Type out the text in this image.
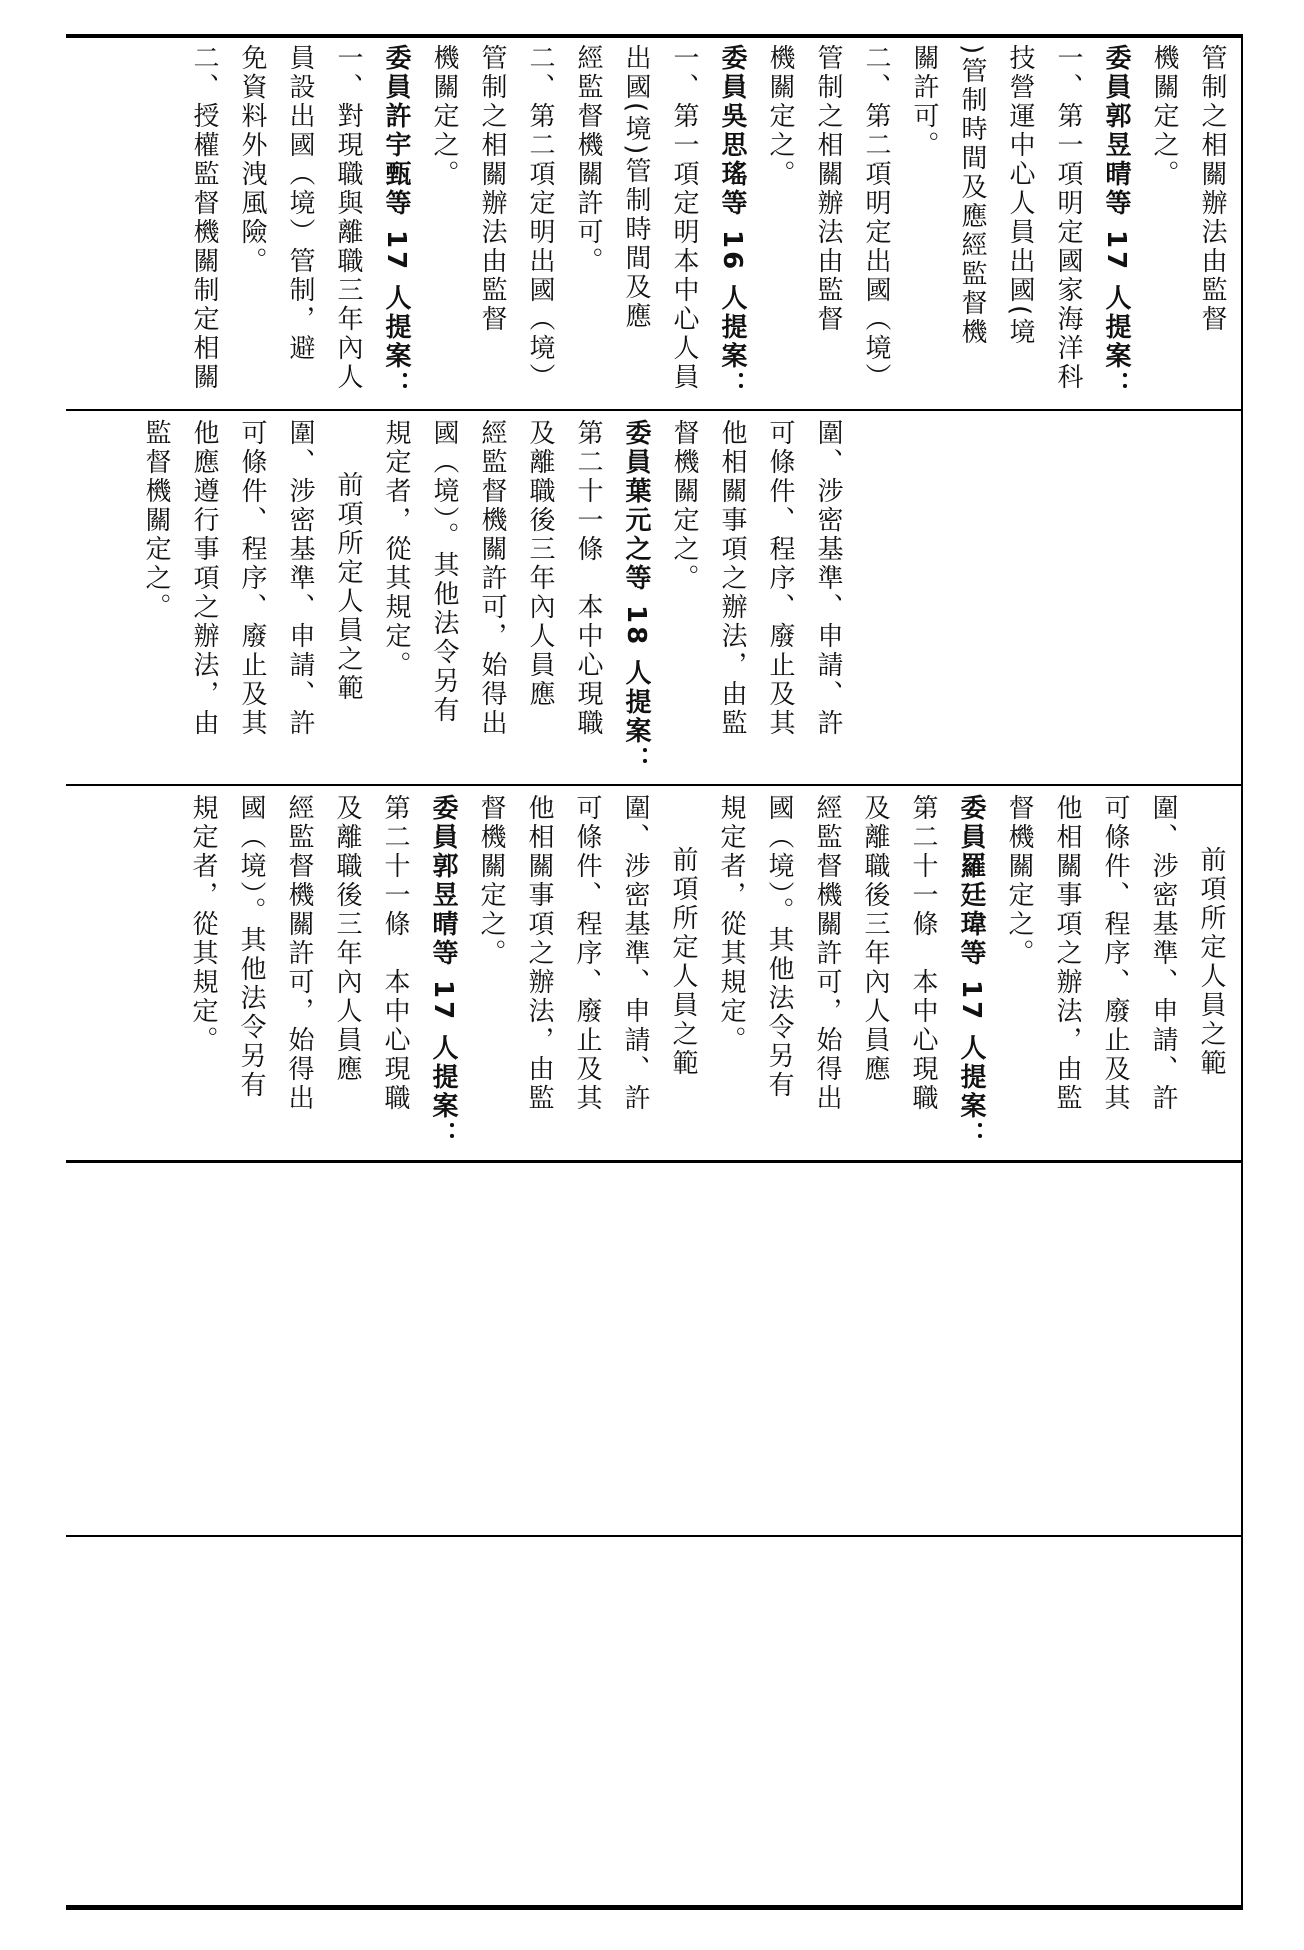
管制之相關辦法由監督

機關定之。

委員郭昱晴等 17 人提案：

一、第一項明定國家海洋科

技營運中心人員出國(境

)管制時間及應經監督機

關許可。

二、第二項明定出國（境）

管制之相關辦法由監督

機關定之。

委員吳思瑤等 16 人提案：

一、第一項定明本中心人員

出國(境)管制時間及應

經監督機關許可。

二、第二項定明出國（境）

管制之相關辦法由監督

機關定之。

委員許宇甄等 17 人提案：

一、對現職與離職三年內人

員設出國（境）管制，避

免資料外洩風險。

二、授權監督機關制定相關

圍、涉密基準、申請、許

可條件、程序、廢止及其

他相關事項之辦法，由監

督機關定之。

委員葉元之等 18 人提案：

第二十一條　本中心現職

及離職後三年內人員應

經監督機關許可，始得出

國（境）。其他法令另有

規定者，從其規定。

前項所定人員之範

圍、涉密基準、申請、許

可條件、程序、廢止及其

他應遵行事項之辦法，由

監督機關定之。

前項所定人員之範

圍、涉密基準、申請、許

可條件、程序、廢止及其

他相關事項之辦法，由監

督機關定之。

委員羅廷瑋等 17 人提案：

第二十一條　本中心現職

及離職後三年內人員應

經監督機關許可，始得出

國（境）。其他法令另有

規定者，從其規定。

前項所定人員之範

圍、涉密基準、申請、許

可條件、程序、廢止及其

他相關事項之辦法，由監

督機關定之。

委員郭昱晴等 17 人提案：

第二十一條　本中心現職

及離職後三年內人員應

經監督機關許可，始得出

國（境）。其他法令另有

規定者，從其規定。
